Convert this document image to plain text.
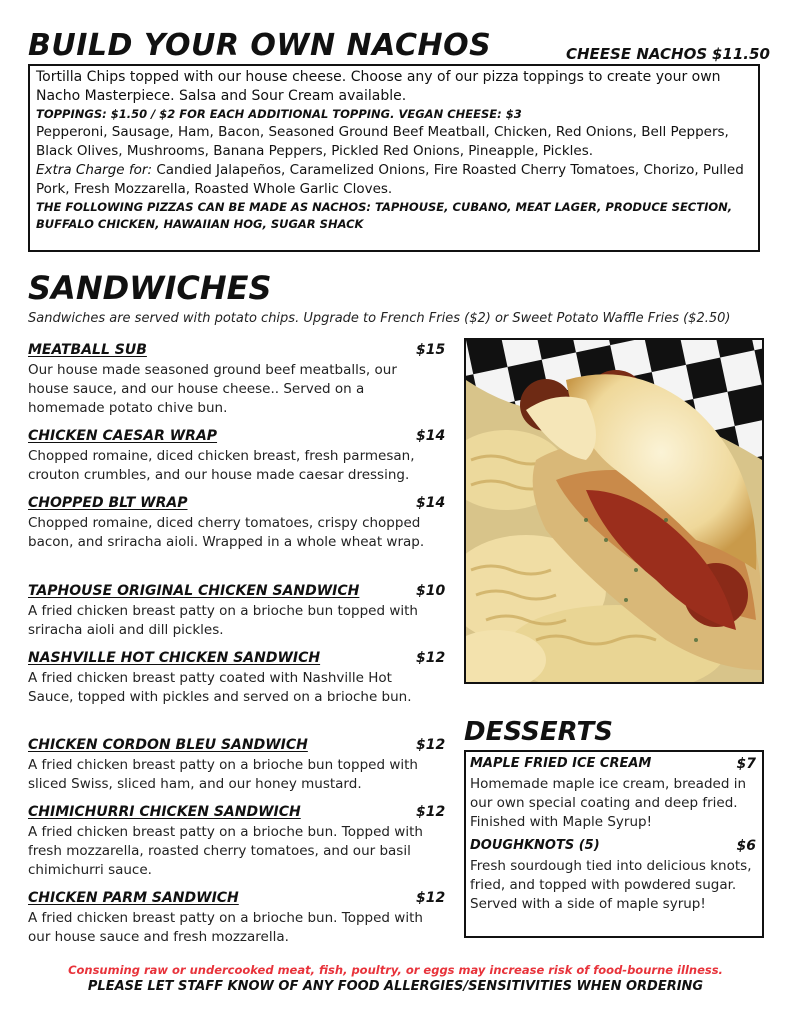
BUILD YOUR OWN NACHOS	CHEESE NACHOS $11.50

Tortilla Chips topped with our house cheese. Choose any of our pizza toppings to create your own Nacho Masterpiece. Salsa and Sour Cream available.

TOPPINGS: $1.50 / $2 FOR EACH ADDITIONAL TOPPING. VEGAN CHEESE: $3

Pepperoni, Sausage, Ham, Bacon, Seasoned Ground Beef Meatball, Chicken, Red Onions, Bell Peppers, Black Olives, Mushrooms, Banana Peppers, Pickled Red Onions, Pineapple, Pickles.

Extra Charge for: Candied Jalapeños, Caramelized Onions, Fire Roasted Cherry Tomatoes, Chorizo, Pulled Pork, Fresh Mozzarella, Roasted Whole Garlic Cloves.

THE FOLLOWING PIZZAS CAN BE MADE AS NACHOS: TAPHOUSE, CUBANO, MEAT LAGER, PRODUCE SECTION, BUFFALO CHICKEN, HAWAIIAN HOG, SUGAR SHACK

SANDWICHES
Sandwiches are served with potato chips. Upgrade to French Fries ($2) or Sweet Potato Waffle Fries ($2.50)
MEATBALL SUB	$15

Our house made seasoned ground beef meatballs, our house sauce, and our house cheese.. Served on a homemade potato chive bun.

CHICKEN CAESAR WRAP	$14

Chopped romaine, diced chicken breast, fresh parmesan, crouton crumbles, and our house made caesar dressing.

CHOPPED BLT WRAP	$14

Chopped romaine, diced cherry tomatoes, crispy chopped bacon, and sriracha aioli. Wrapped in a whole wheat wrap.

TAPHOUSE ORIGINAL CHICKEN SANDWICH	$10

A fried chicken breast patty on a brioche bun topped with sriracha aioli and dill pickles.

NASHVILLE HOT CHICKEN SANDWICH	$12

A fried chicken breast patty coated with Nashville Hot Sauce, topped with pickles and served on a brioche bun.

CHICKEN CORDON BLEU SANDWICH	$12

A fried chicken breast patty on a brioche bun topped with sliced Swiss, sliced ham, and our honey mustard.

CHIMICHURRI CHICKEN SANDWICH	$12

A fried chicken breast patty on a brioche bun. Topped with fresh mozzarella, roasted cherry tomatoes, and our basil chimichurri sauce.

CHICKEN PARM SANDWICH	$12

A fried chicken breast patty on a brioche bun. Topped with our house sauce and fresh mozzarella.

DESSERTS
MAPLE FRIED ICE CREAM	$7

Homemade maple ice cream, breaded in our own special coating and deep fried. Finished with Maple Syrup!

DOUGHKNOTS (5)	$6

Fresh sourdough tied into delicious knots, fried, and topped with powdered sugar. Served with a side of maple syrup!

Consuming raw or undercooked meat, fish, poultry, or eggs may increase risk of food-bourne illness.
PLEASE LET STAFF KNOW OF ANY FOOD ALLERGIES/SENSITIVITIES WHEN ORDERING
